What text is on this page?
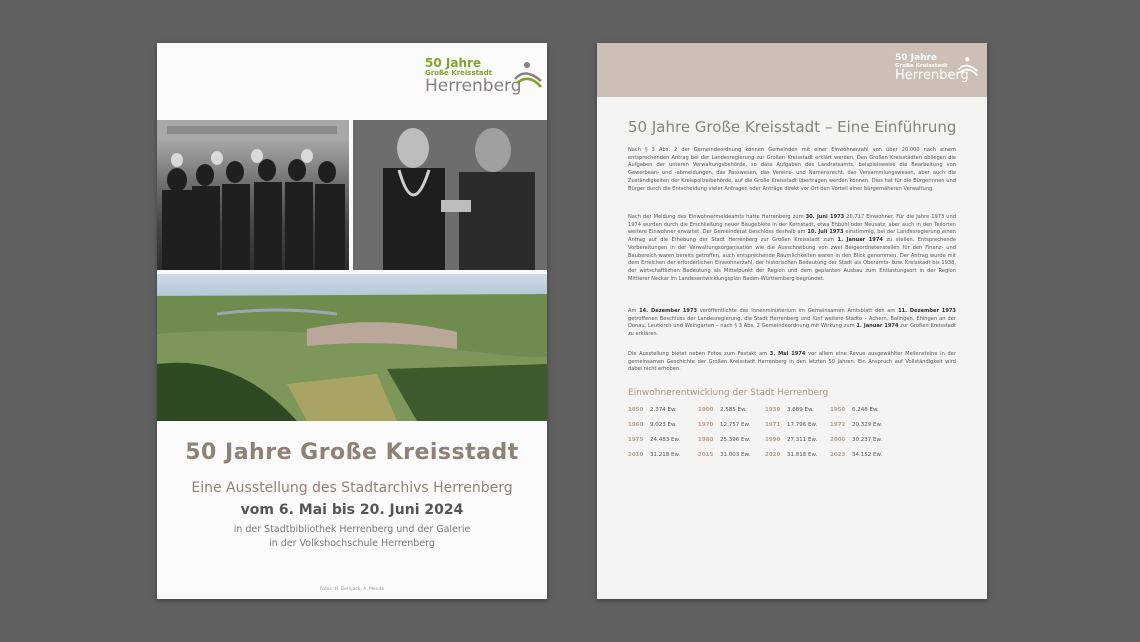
50 Jahre
Große Kreisstadt
Herrenberg
50 Jahre Große Kreisstadt
Eine Ausstellung des Stadtarchivs Herrenberg
vom 6. Mai bis 20. Juni 2024
in der Stadtbibliothek Herrenberg und der Galerie
in der Volkshochschule Herrenberg
Fotos: H. Bernjack, A. Mende
50 Jahre
Große Kreisstadt
Herrenberg
50 Jahre Große Kreisstadt – Eine Einführung
Nach § 3 Abs. 2 der Gemeindeordnung können Gemeinden mit einer Einwohnerzahl von über 20.000 nach einem entsprechenden Antrag bei der Landesregierung zur Großen Kreisstadt erklärt werden. Den Großen Kreisstädten obliegen die Aufgaben der unteren Verwaltungsbehörde, so dass Aufgaben des Landratsamts, beispielsweise die Bearbeitung von Gewerbean- und -abmeldungen, das Passwesen, das Vereins- und Namensrecht, das Versammlungswesen, aber auch die Zuständigkeiten der Kreispolizeibehörde, auf die Große Kreisstadt übertragen werden können. Dies hat für die Bürgerinnen und Bürger durch die Entscheidung vieler Anfragen oder Anträge direkt vor Ort den Vorteil einer bürgernäheren Verwaltung.
Nach der Meldung des Einwohnermeldeamts hatte Herrenberg zum 30. Juni 1973 20.717 Einwohner. Für die Jahre 1973 und 1974 wurden durch die Erschließung neuer Baugebiete in der Kernstadt, etwa Ehbühl oder Neusatz, aber auch in den Teilorten weitere Einwohner erwartet. Der Gemeinderat beschloss deshalb am 10. Juli 1973 einstimmig, bei der Landesregierung einen Antrag auf die Erhebung der Stadt Herrenberg zur Großen Kreisstadt zum 1. Januar 1974 zu stellen. Entsprechende Vorbereitungen in der Verwaltungsorganisation wie die Ausschreibung von zwei Beigeordnetenstellen für den Finanz- und Baubereich waren bereits getroffen, auch entsprechende Räumlichkeiten waren in den Blick genommen. Der Antrag wurde mit dem Erreichen der erforderlichen Einwohnerzahl, der historischen Bedeutung der Stadt als Oberamts- bzw. Kreisstadt bis 1938, der wirtschaftlichen Bedeutung als Mittelpunkt der Region und dem geplanten Ausbau zum Entlastungsort in der Region Mittlerer Neckar im Landesentwicklungsplan Baden-Württemberg begründet.
Am 14. Dezember 1973 veröffentlichte das Innenministerium im Gemeinsamen Amtsblatt den am 11. Dezember 1973 getroffenen Beschluss der Landesregierung, die Stadt Herrenberg und fünf weitere Städte – Achern, Balingen, Ehingen an der Donau, Leutkirch und Weingarten – nach § 3 Abs. 2 Gemeindeordnung mit Wirkung zum 1. Januar 1974 zur Großen Kreisstadt zu erklären.
Die Ausstellung bietet neben Fotos zum Festakt am 3. Mai 1974 vor allem eine Revue ausgewählter Meilensteine in der gemeinsamen Geschichte der Großen Kreisstadt Herrenberg in den letzten 50 Jahren. Ein Anspruch auf Vollständigkeit wird dabei nicht erhoben.
Einwohnerentwicklung der Stadt Herrenberg
1850 2.374 Ew.	1900 2.585 Ew.	1939 3.689 Ew.	1950 6.248 Ew.
1960 9.023 Ew.	1970 12.757 Ew.	1971 17.796 Ew. 1972 20.329 Ew.
1975 24.483 Ew.	1980 25.396 Ew.	1990 27.311 Ew. 2000 30.237 Ew.
2010 31.218 Ew.	2015 31.003 Ew.	2020 31.818 Ew. 2023 34.152 Ew.
